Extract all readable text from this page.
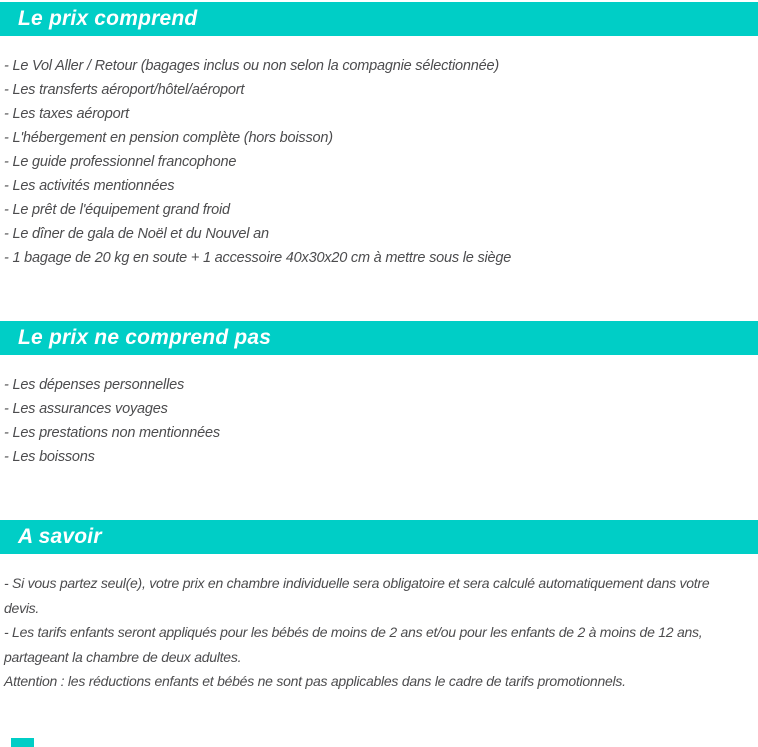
Le prix comprend
- Le Vol Aller / Retour (bagages inclus ou non selon la compagnie sélectionnée)
- Les transferts aéroport/hôtel/aéroport
- Les taxes aéroport
- L'hébergement en pension complète (hors boisson)
- Le guide professionnel francophone
- Les activités mentionnées
- Le prêt de l'équipement grand froid
- Le dîner de gala de Noël et du Nouvel an
- 1 bagage de 20 kg en soute + 1 accessoire 40x30x20 cm à mettre sous le siège
Le prix ne comprend pas
- Les dépenses personnelles
- Les assurances voyages
- Les prestations non mentionnées
- Les boissons
A savoir
- Si vous partez seul(e), votre prix en chambre individuelle sera obligatoire et sera calculé automatiquement dans votre
devis.
- Les tarifs enfants seront appliqués pour les bébés de moins de 2 ans et/ou pour les enfants de 2 à moins de 12 ans,
partageant la chambre de deux adultes.
Attention : les réductions enfants et bébés ne sont pas applicables dans le cadre de tarifs promotionnels.
